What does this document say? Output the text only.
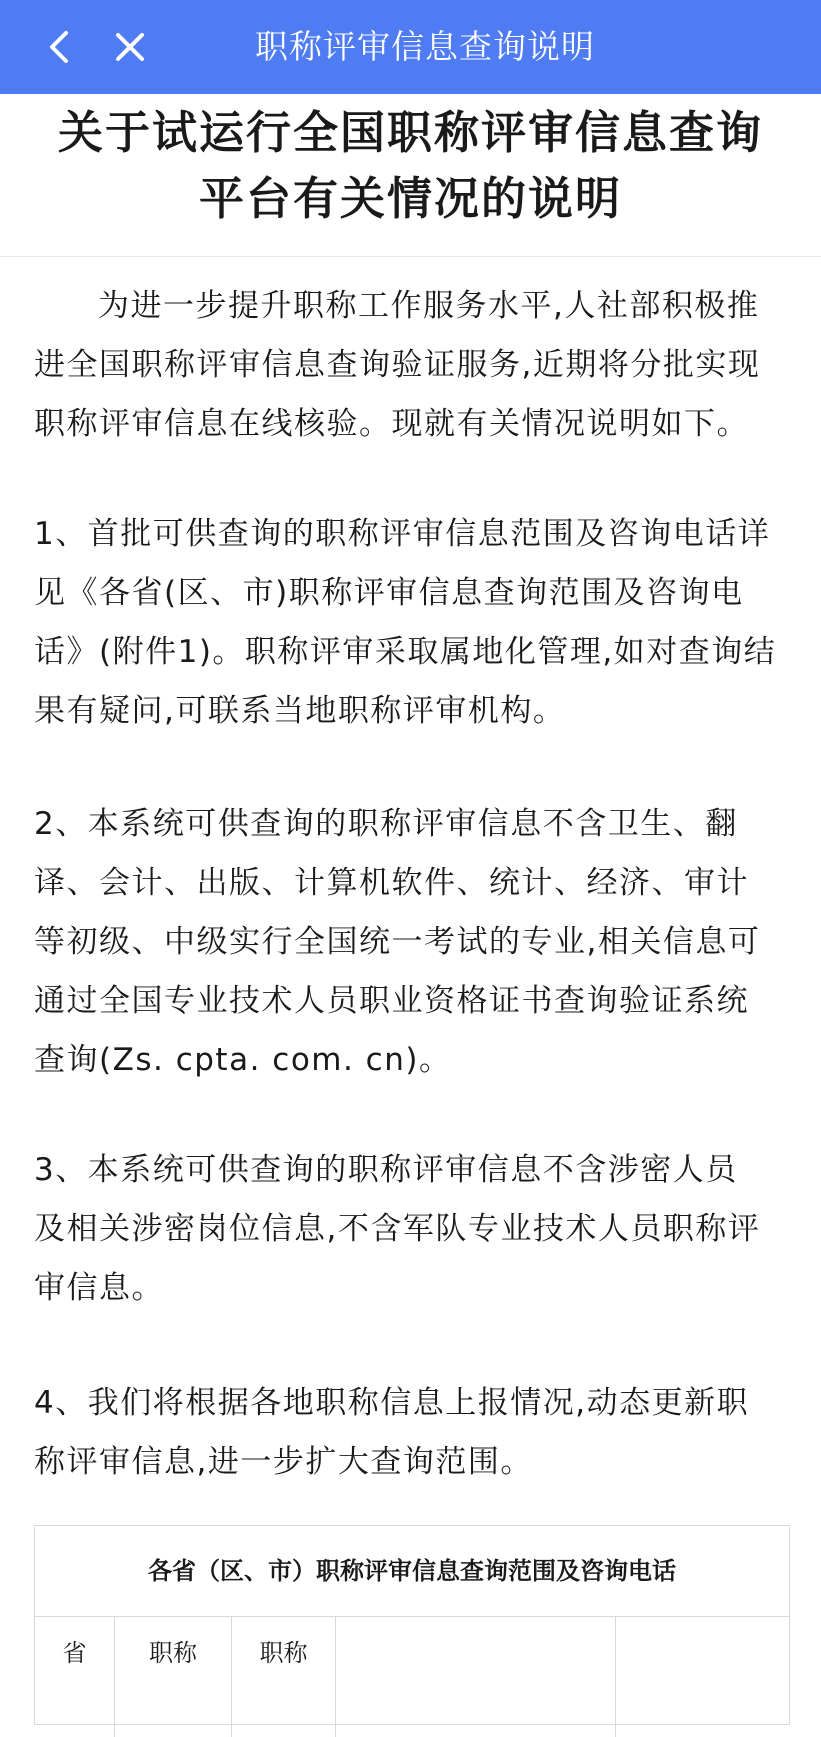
职称评审信息查询说明
关于试运行全国职称评审信息查询
平台有关情况的说明
为进一步提升职称工作服务水平,人社部积极推
进全国职称评审信息查询验证服务,近期将分批实现
职称评审信息在线核验。现就有关情况说明如下。
1、首批可供查询的职称评审信息范围及咨询电话详
见《各省(区、市)职称评审信息查询范围及咨询电
话》(附件1)。职称评审采取属地化管理,如对查询结
果有疑问,可联系当地职称评审机构。
2、本系统可供查询的职称评审信息不含卫生、翻
译、会计、出版、计算机软件、统计、经济、审计
等初级、中级实行全国统一考试的专业,相关信息可
通过全国专业技术人员职业资格证书查询验证系统
查询(Zs. cpta. com. cn)。
3、本系统可供查询的职称评审信息不含涉密人员
及相关涉密岗位信息,不含军队专业技术人员职称评
审信息。
4、我们将根据各地职称信息上报情况,动态更新职
称评审信息,进一步扩大查询范围。
各省（区、市）职称评审信息查询范围及咨询电话
省	职称	职称
